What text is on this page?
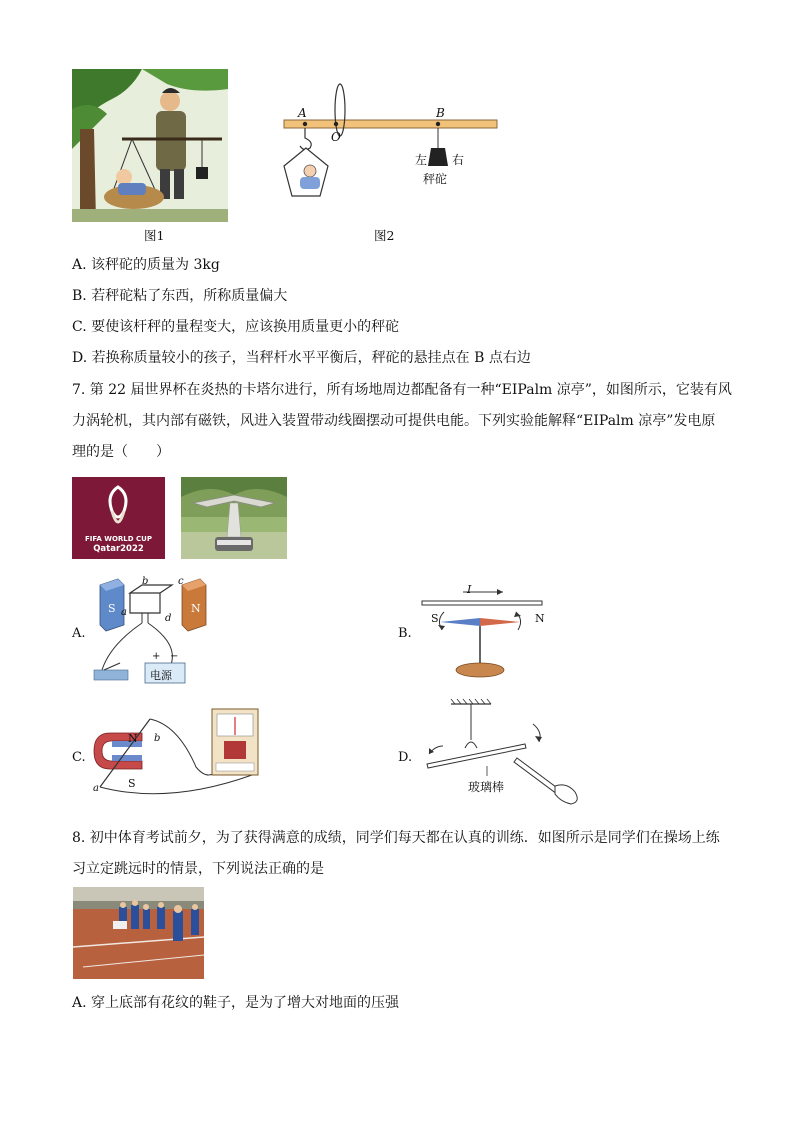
图1
A
O
B
左 右
秤砣
图2
A. 该秤砣的质量为 3kg
B. 若秤砣粘了东西，所称质量偏大
C. 要使该杆秤的量程变大，应该换用质量更小的秤砣
D. 若换称质量较小的孩子，当秤杆水平平衡后，秤砣的悬挂点在 B 点右边
7. 第 22 届世界杯在炎热的卡塔尔进行，所有场地周边都配备有一种“EIPalm 凉亭”，如图所示，它装有风
力涡轮机，其内部有磁铁，风进入装置带动线圈摆动可提供电能。下列实验能解释“EIPalm 凉亭”发电原
理的是（　　）
FIFA WORLD CUP
Qatar2022
A.
S	N
a
b	c
d
+ −
电源
B.
I
S	N
C.
N
S
a
b
D.
玻璃棒
8. 初中体育考试前夕，为了获得满意的成绩，同学们每天都在认真的训练．如图所示是同学们在操场上练
习立定跳远时的情景，下列说法正确的是
A. 穿上底部有花纹的鞋子，是为了增大对地面的压强
